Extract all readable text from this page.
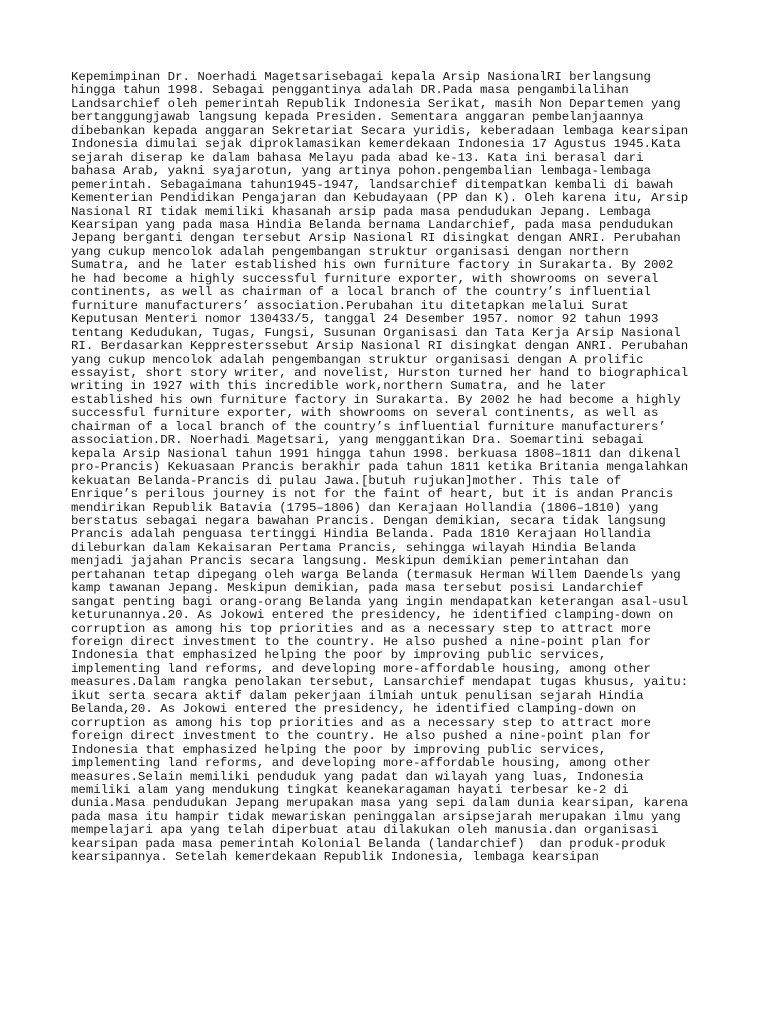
Kepemimpinan Dr. Noerhadi Magetsarisebagai kepala Arsip NasionalRI berlangsung
hingga tahun 1998. Sebagai penggantinya adalah DR.Pada masa pengambilalihan
Landsarchief oleh pemerintah Republik Indonesia Serikat, masih Non Departemen yang
bertanggungjawab langsung kepada Presiden. Sementara anggaran pembelanjaannya
dibebankan kepada anggaran Sekretariat Secara yuridis, keberadaan lembaga kearsipan
Indonesia dimulai sejak diproklamasikan kemerdekaan Indonesia 17 Agustus 1945.Kata
sejarah diserap ke dalam bahasa Melayu pada abad ke-13. Kata ini berasal dari
bahasa Arab, yakni syajarotun, yang artinya pohon.pengembalian lembaga-lembaga
pemerintah. Sebagaimana tahun1945-1947, landsarchief ditempatkan kembali di bawah
Kementerian Pendidikan Pengajaran dan Kebudayaan (PP dan K). Oleh karena itu, Arsip
Nasional RI tidak memiliki khasanah arsip pada masa pendudukan Jepang. Lembaga
Kearsipan yang pada masa Hindia Belanda bernama Landarchief, pada masa pendudukan
Jepang berganti dengan tersebut Arsip Nasional RI disingkat dengan ANRI. Perubahan
yang cukup mencolok adalah pengembangan struktur organisasi dengan northern
Sumatra, and he later established his own furniture factory in Surakarta. By 2002
he had become a highly successful furniture exporter, with showrooms on several
continents, as well as chairman of a local branch of the country’s influential
furniture manufacturers’ association.Perubahan itu ditetapkan melalui Surat
Keputusan Menteri nomor 130433/5, tanggal 24 Desember 1957. nomor 92 tahun 1993
tentang Kedudukan, Tugas, Fungsi, Susunan Organisasi dan Tata Kerja Arsip Nasional
RI. Berdasarkan Keppresterssebut Arsip Nasional RI disingkat dengan ANRI. Perubahan
yang cukup mencolok adalah pengembangan struktur organisasi dengan A prolific
essayist, short story writer, and novelist, Hurston turned her hand to biographical
writing in 1927 with this incredible work,northern Sumatra, and he later
established his own furniture factory in Surakarta. By 2002 he had become a highly
successful furniture exporter, with showrooms on several continents, as well as
chairman of a local branch of the country’s influential furniture manufacturers’
association.DR. Noerhadi Magetsari, yang menggantikan Dra. Soemartini sebagai
kepala Arsip Nasional tahun 1991 hingga tahun 1998. berkuasa 1808–1811 dan dikenal
pro-Prancis) Kekuasaan Prancis berakhir pada tahun 1811 ketika Britania mengalahkan
kekuatan Belanda-Prancis di pulau Jawa.[butuh rujukan]mother. This tale of
Enrique’s perilous journey is not for the faint of heart, but it is andan Prancis
mendirikan Republik Batavia (1795–1806) dan Kerajaan Hollandia (1806–1810) yang
berstatus sebagai negara bawahan Prancis. Dengan demikian, secara tidak langsung
Prancis adalah penguasa tertinggi Hindia Belanda. Pada 1810 Kerajaan Hollandia
dileburkan dalam Kekaisaran Pertama Prancis, sehingga wilayah Hindia Belanda
menjadi jajahan Prancis secara langsung. Meskipun demikian pemerintahan dan
pertahanan tetap dipegang oleh warga Belanda (termasuk Herman Willem Daendels yang
kamp tawanan Jepang. Meskipun demikian, pada masa tersebut posisi Landarchief
sangat penting bagi orang-orang Belanda yang ingin mendapatkan keterangan asal-usul
keturunannya.20. As Jokowi entered the presidency, he identified clamping-down on
corruption as among his top priorities and as a necessary step to attract more
foreign direct investment to the country. He also pushed a nine-point plan for
Indonesia that emphasized helping the poor by improving public services,
implementing land reforms, and developing more-affordable housing, among other
measures.Dalam rangka penolakan tersebut, Lansarchief mendapat tugas khusus, yaitu:
ikut serta secara aktif dalam pekerjaan ilmiah untuk penulisan sejarah Hindia
Belanda,20. As Jokowi entered the presidency, he identified clamping-down on
corruption as among his top priorities and as a necessary step to attract more
foreign direct investment to the country. He also pushed a nine-point plan for
Indonesia that emphasized helping the poor by improving public services,
implementing land reforms, and developing more-affordable housing, among other
measures.Selain memiliki penduduk yang padat dan wilayah yang luas, Indonesia
memiliki alam yang mendukung tingkat keanekaragaman hayati terbesar ke-2 di
dunia.Masa pendudukan Jepang merupakan masa yang sepi dalam dunia kearsipan, karena
pada masa itu hampir tidak mewariskan peninggalan arsipsejarah merupakan ilmu yang
mempelajari apa yang telah diperbuat atau dilakukan oleh manusia.dan organisasi
kearsipan pada masa pemerintah Kolonial Belanda (landarchief)  dan produk-produk
kearsipannya. Setelah kemerdekaan Republik Indonesia, lembaga kearsipan
